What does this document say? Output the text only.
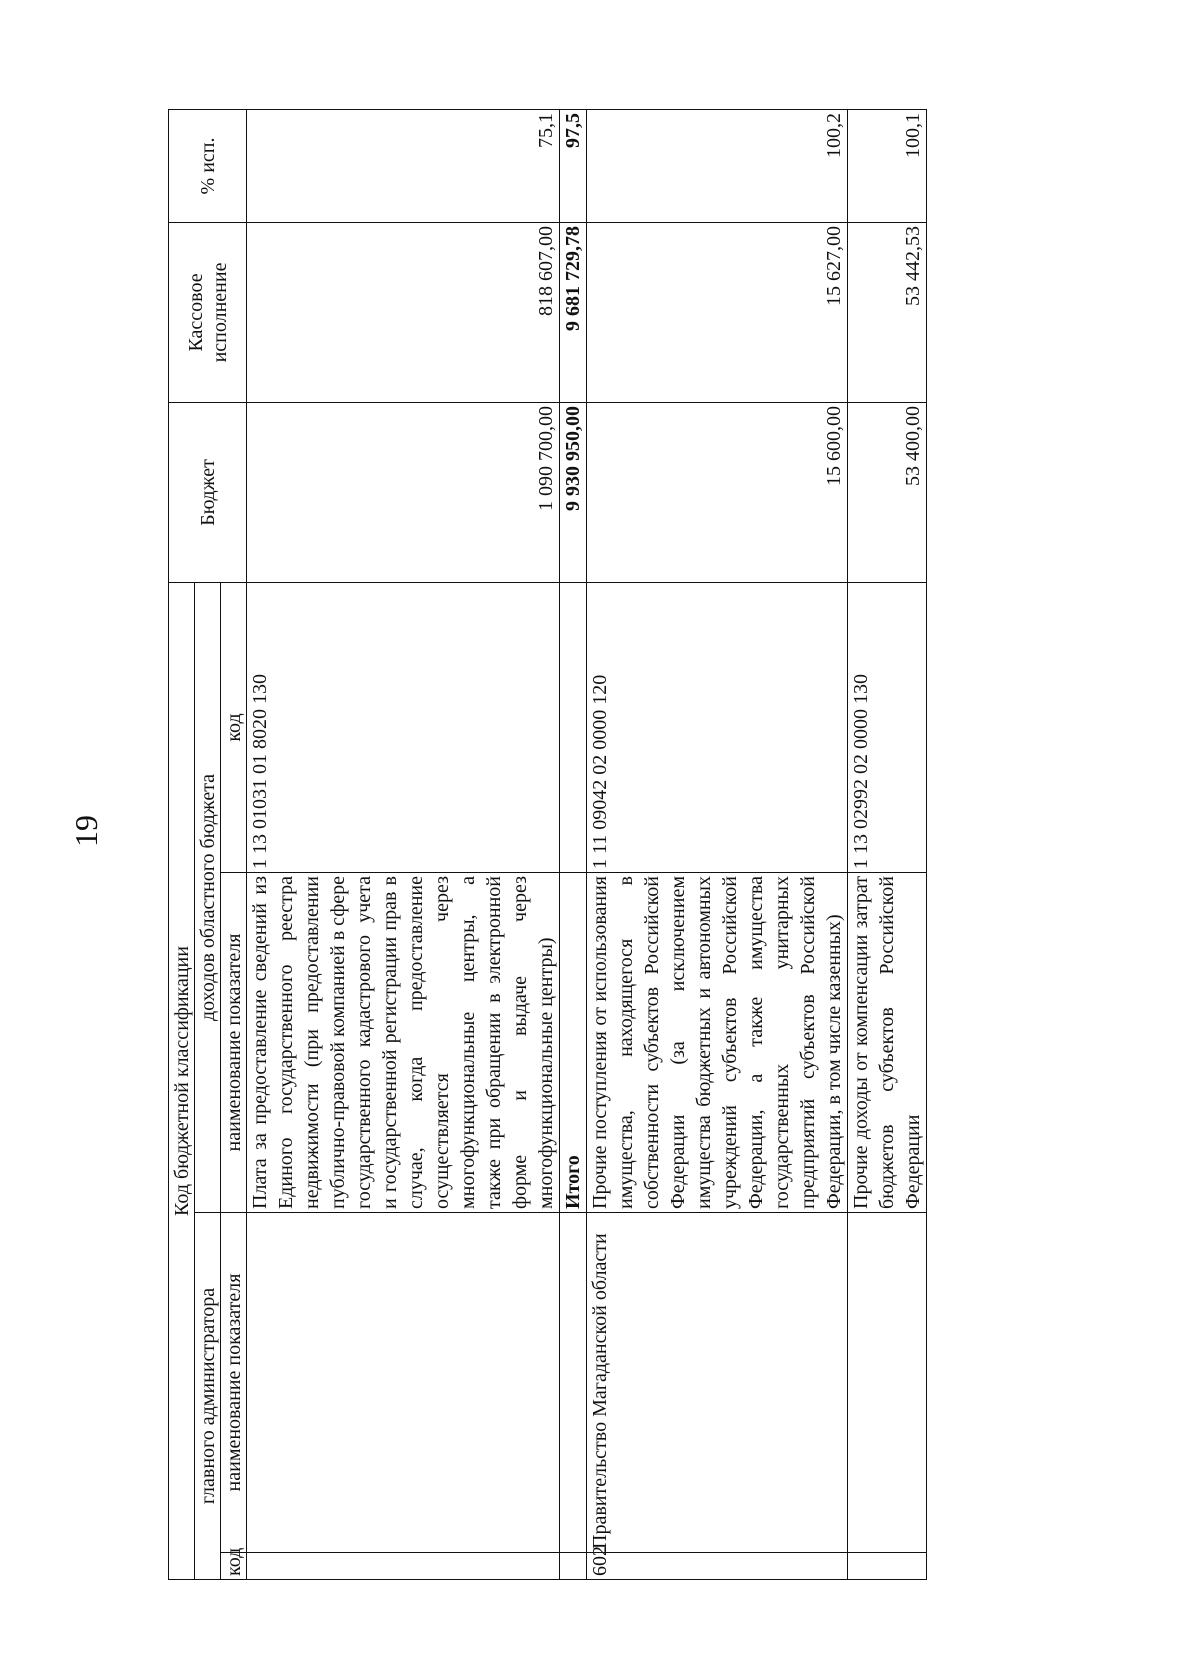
19
Код бюджетной классификации				Бюджет	Кассовое исполнение	% исп.
главного администратора		доходов областного бюджета				
код	наименование показателя	наименование показателя	код			
		Плата за предоставление сведений из Единого государственного реестра недвижимости (при предоставлении публично-правовой компанией в сфере государственного кадастрового учета и государственной регистрации прав в случае, когда предоставление осуществляется через многофункциональные центры, а также при обращении в электронной форме и выдаче через многофункциональные центры)	1 13 01031 01 8020 130	1 090 700,00	818 607,00	75,1
		Итого		9 930 950,00	9 681 729,78	97,5
602	Правительство Магаданской области	Прочие поступления от использования имущества, находящегося в собственности субъектов Российской Федерации (за исключением имущества бюджетных и автономных учреждений субъектов Российской Федерации, а также имущества государственных унитарных предприятий субъектов Российской Федерации, в том числе казенных)	1 11 09042 02 0000 120	15 600,00	15 627,00	100,2
		Прочие доходы от компенсации затрат бюджетов субъектов Российской Федерации	1 13 02992 02 0000 130	53 400,00	53 442,53	100,1
